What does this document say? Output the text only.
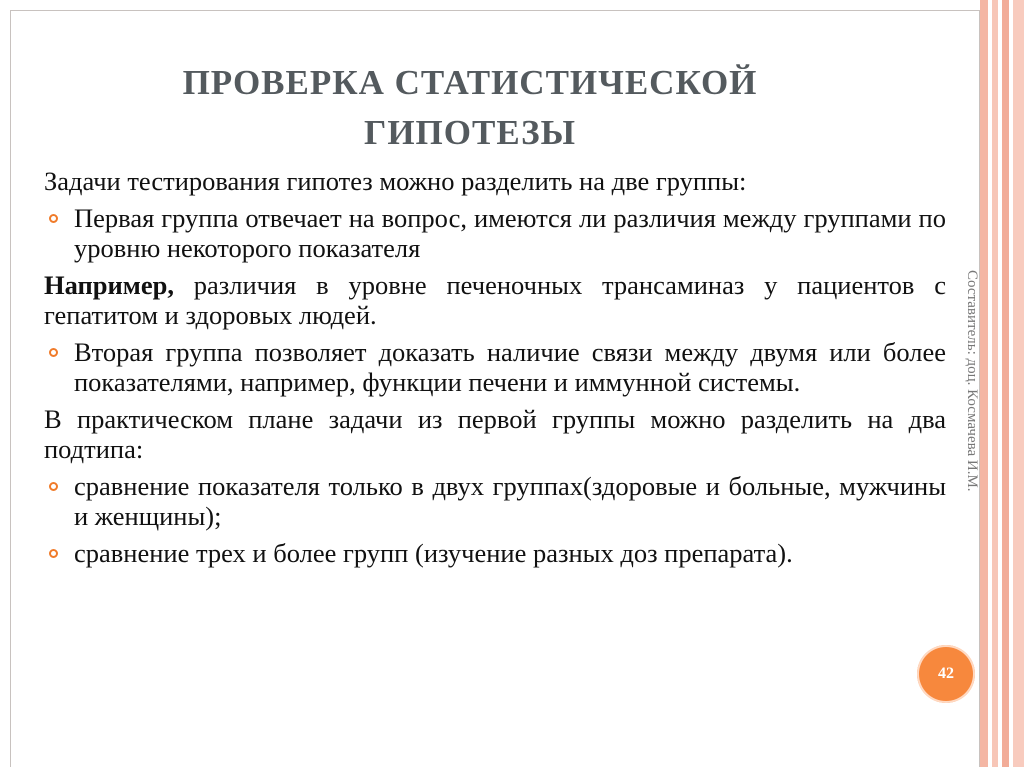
ПРОВЕРКА СТАТИСТИЧЕСКОЙ
ГИПОТЕЗЫ

Задачи тестирования гипотез можно разделить на две группы:

Первая группа отвечает на вопрос, имеются ли различия между группами по уровню некоторого показателя

Например, различия в уровне печеночных трансаминаз у пациентов с гепатитом и здоровых людей.

Вторая группа позволяет доказать наличие связи между двумя или более показателями, например, функции печени и иммунной системы.

В практическом плане задачи из первой группы можно разделить на два подтипа:

сравнение показателя только в двух группах(здоровые и больные, мужчины и женщины);
сравнение трех и более групп (изучение разных доз препарата).
Составитель: доц. Космачева И.М.
42
